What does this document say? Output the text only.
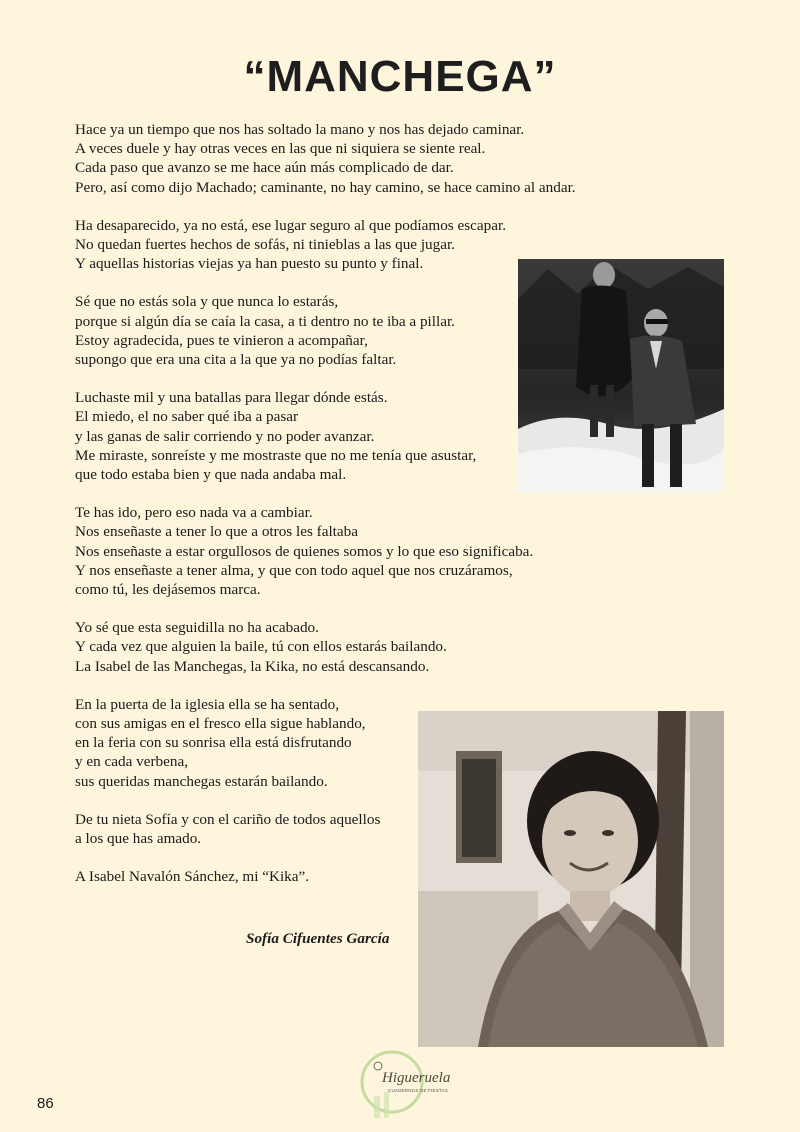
“MANCHEGA”
Hace ya un tiempo que nos has soltado la mano y nos has dejado caminar.
A veces duele y hay otras veces en las que ni siquiera se siente real.
Cada paso que avanzo se me hace aún más complicado de dar.
Pero, así como dijo Machado; caminante, no hay camino, se hace camino al andar.
Ha desaparecido, ya no está, ese lugar seguro al que podíamos escapar.
No quedan fuertes hechos de sofás, ni tinieblas a las que jugar.
Y aquellas historias viejas ya han puesto su punto y final.
Sé que no estás sola y que nunca lo estarás,
porque si algún día se caía la casa, a ti dentro no te iba a pillar.
Estoy agradecida, pues te vinieron a acompañar,
supongo que era una cita a la que ya no podías faltar.
Luchaste mil y una batallas para llegar dónde estás.
El miedo, el no saber qué iba a pasar
y las ganas de salir corriendo y no poder avanzar.
Me miraste, sonreíste y me mostraste que no me tenía que asustar,
que todo estaba bien y que nada andaba mal.
Te has ido, pero eso nada va a cambiar.
Nos enseñaste a tener lo que a otros les faltaba
Nos enseñaste a estar orgullosos de quienes somos y lo que eso significaba.
Y nos enseñaste a tener alma, y que con todo aquel que nos cruzáramos,
como tú, les dejásemos marca.
Yo sé que esta seguidilla no ha acabado.
Y cada vez que alguien la baile, tú con ellos estarás bailando.
La Isabel de las Manchegas, la Kika, no está descansando.
En la puerta de la iglesia ella se ha sentado,
con sus amigas en el fresco ella sigue hablando,
en la feria con su sonrisa ella está disfrutando
y en cada verbena,
sus queridas manchegas estarán bailando.
De tu nieta Sofía y con el cariño de todos aquellos
a los que has amado.
A Isabel Navalón Sánchez, mi “Kika”.
Sofía Cifuentes García
Higueruela
CUADERNOS DE FIESTAS
86
